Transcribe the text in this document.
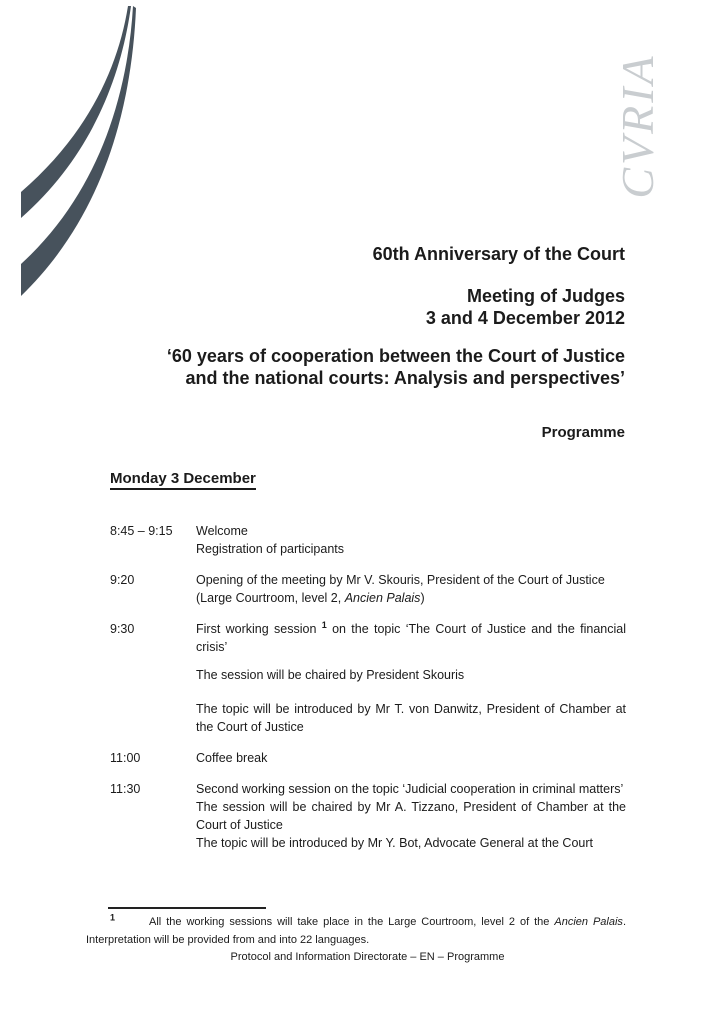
CVRIA
60th Anniversary of the Court
Meeting of Judges
3 and 4 December 2012
‘60 years of cooperation between the Court of Justice
and the national courts: Analysis and perspectives’
Programme
Monday 3 December
8:45 – 9:15	Welcome

Registration of participants

9:20	Opening of the meeting by Mr V. Skouris, President of the Court of Justice

(Large Courtroom, level 2, Ancien Palais)

9:30	First working session $^1$ on the topic ‘The Court of Justice and the financial crisis’

The session will be chaired by President Skouris

The topic will be introduced by Mr T. von Danwitz, President of Chamber at the Court of Justice

11:00	Coffee break

11:30	Second working session on the topic ‘Judicial cooperation in criminal matters’

The session will be chaired by Mr A. Tizzano, President of Chamber at the Court of Justice

The topic will be introduced by Mr Y. Bot, Advocate General at the Court

$^1$	All the working sessions will take place in the Large Courtroom, level 2 of the Ancien Palais. Interpretation will be provided from and into 22 languages.
Protocol and Information Directorate – EN – Programme
